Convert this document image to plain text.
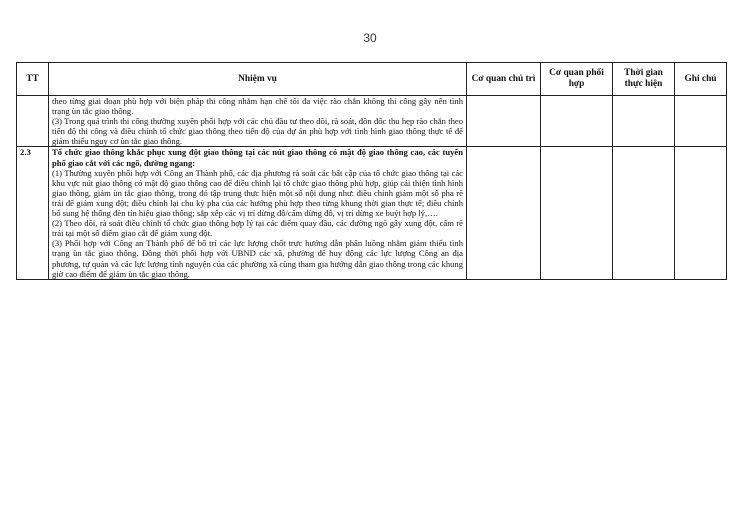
30
TT	Nhiệm vụ	Cơ quan chủ trì	Cơ quan phối hợp	Thời gian thực hiện	Ghi chú

	theo từng giai đoạn phù hợp với biện pháp thi công nhằm hạn chế tối đa việc rào chắn không thi công gây nên tình trạng ùn tắc giao thông.

(3) Trong quá trình thi công thường xuyên phối hợp với các chủ đầu tư theo dõi, rà soát, đôn đốc thu hẹp rào chắn theo tiến độ thi công và điều chỉnh tổ chức giao thông theo tiến độ của dự án phù hợp với tình hình giao thông thực tế để giảm thiểu nguy cơ ùn tắc giao thông.				

2.3	Tổ chức giao thông khắc phục xung đột giao thông tại các nút giao thông có mật độ giao thông cao, các tuyến phố giao cắt với các ngõ, đường ngang:

(1) Thường xuyên phối hợp với Công an Thành phố, các địa phương rà soát các bất cập của tổ chức giao thông tại các khu vực nút giao thông có mật độ giao thông cao để điều chỉnh lại tổ chức giao thông phù hợp, giúp cải thiện tình hình giao thông, giảm ùn tắc giao thông, trong đó tập trung thực hiện một số nội dung như: điều chỉnh giảm một số pha rẽ trái để giảm xung đột; điều chỉnh lại chu kỳ pha của các hướng phù hợp theo từng khung thời gian thực tế; điều chỉnh bổ sung hệ thống đèn tín hiệu giao thông; sắp xếp các vị trí dừng đỗ/cấm dừng đỗ, vị trí dừng xe buýt hợp lý,….

(2) Theo dõi, rà soát điều chỉnh tổ chức giao thông hợp lý tại các điểm quay đầu, các đường ngõ gây xung đột, cấm rẽ trái tại một số điểm giao cắt để giảm xung đột.

(3) Phối hợp với Công an Thành phố để bố trí các lực lượng chốt trực hướng dẫn phân luồng nhằm giảm thiểu tình trạng ùn tắc giao thông. Đồng thời phối hợp với UBND các xã, phường để huy động các lực lượng Công an địa phương, tự quản và các lực lượng tình nguyện của các phường xã cùng tham gia hướng dẫn giao thông trong các khung giờ cao điểm để giảm ùn tắc giao thông.				
